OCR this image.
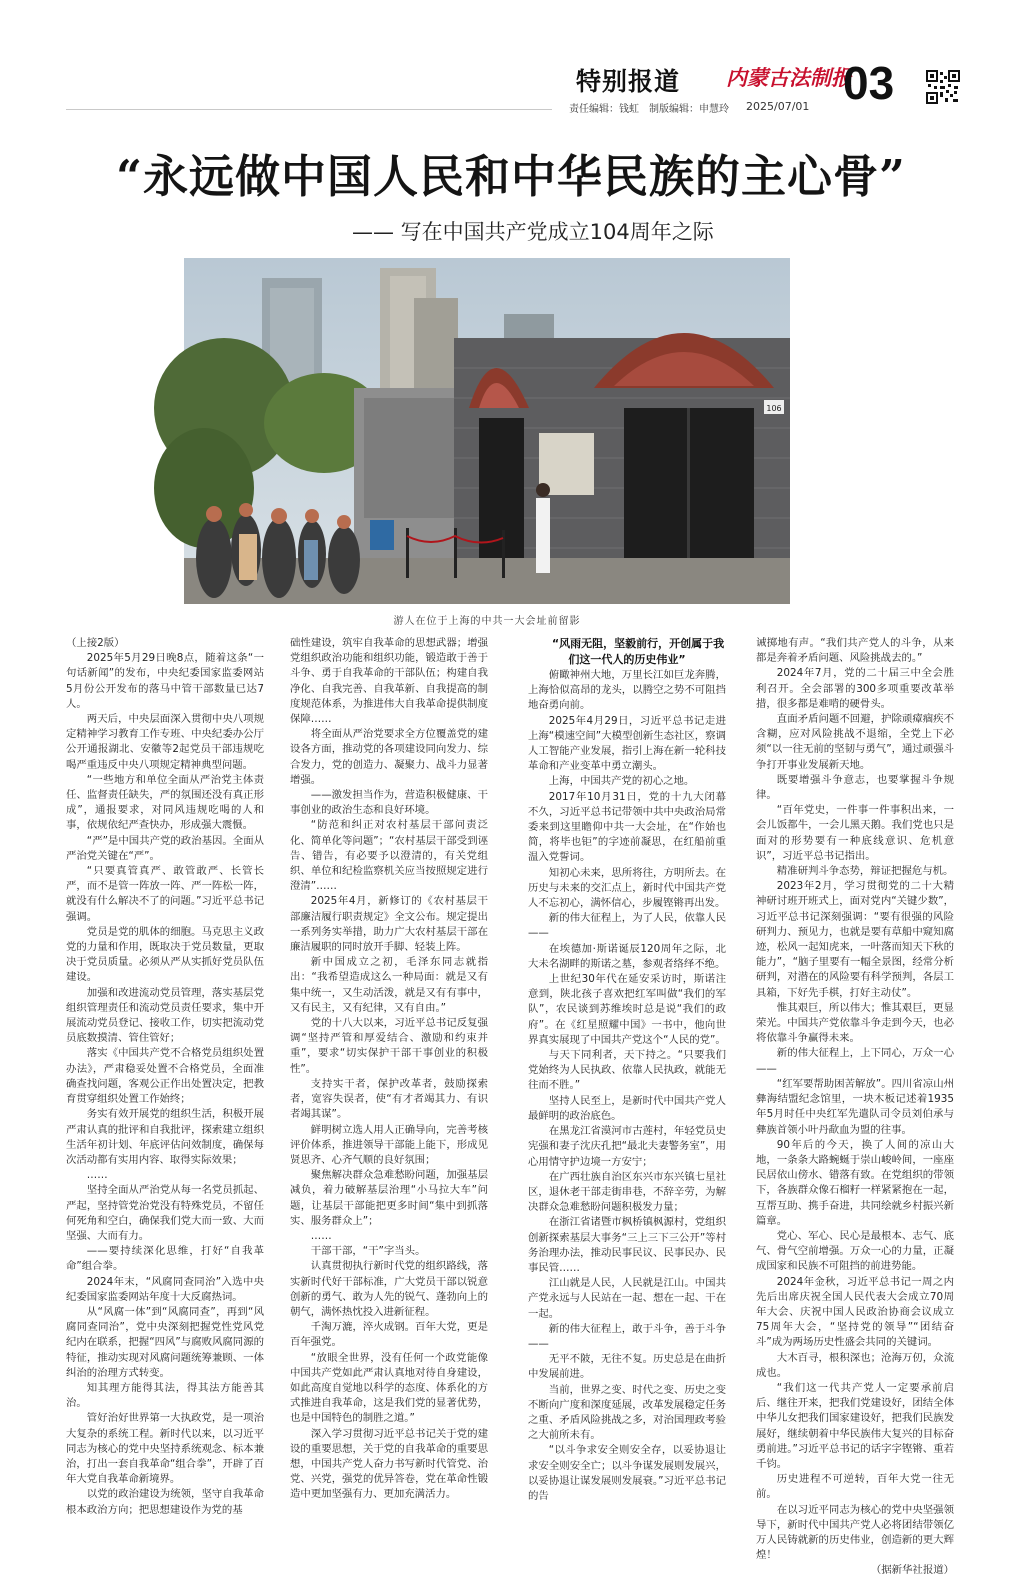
特别报道 内蒙古法制报
03
责任编辑：钱虹　制版编辑：申慧玲 2025/07/01
“永远做中国人民和中华民族的主心骨”
—— 写在中国共产党成立104周年之际
106
游人在位于上海的中共一大会址前留影

（上接2版）

2025年5月29日晚8点，随着这条“一句话新闻”的发布，中央纪委国家监委网站5月份公开发布的落马中管干部数量已达7人。

两天后，中央层面深入贯彻中央八项规定精神学习教育工作专班、中央纪委办公厅公开通报湖北、安徽等2起党员干部违规吃喝严重违反中央八项规定精神典型问题。

“一些地方和单位全面从严治党主体责任、监督责任缺失，严的氛围还没有真正形成”，通报要求，对同风违规吃喝的人和事，依规依纪严查快办，形成强大震慑。

“严”是中国共产党的政治基因。全面从严治党关键在“严”。

“只要真管真严、敢管敢严、长管长严，而不是管一阵放一阵、严一阵松一阵，就没有什么解决不了的问题。”习近平总书记强调。

党员是党的肌体的细胞。马克思主义政党的力量和作用，既取决于党员数量，更取决于党员质量。必须从严从实抓好党员队伍建设。

加强和改进流动党员管理，落实基层党组织管理责任和流动党员责任要求，集中开展流动党员登记、接收工作，切实把流动党员底数摸清、管住管好；

落实《中国共产党不合格党员组织处置办法》，严肃稳妥处置不合格党员，全面准确查找问题，客观公正作出处置决定，把教育贯穿组织处置工作始终；

务实有效开展党的组织生活，积极开展严肃认真的批评和自我批评，探索建立组织生活年初计划、年底评估问效制度，确保每次活动都有实用内容、取得实际效果；

……

坚持全面从严治党从每一名党员抓起、严起，坚持管党治党没有特殊党员，不留任何死角和空白，确保我们党大而一致、大而坚强、大而有力。

——要持续深化思维，打好“自我革命”组合拳。

2024年末，“风腐同查同治”入选中央纪委国家监委网站年度十大反腐热词。

从“风腐一体”到“风腐同查”，再到“风腐同查同治”，党中央深刻把握党性党风党纪内在联系，把握“四风”与腐败风腐同源的特征，推动实现对风腐问题统筹兼顾、一体纠治的治理方式转变。

知其理方能得其法，得其法方能善其治。

管好治好世界第一大执政党，是一项治大复杂的系统工程。新时代以来，以习近平同志为核心的党中央坚持系统观念、标本兼治，打出一套自我革命“组合拳”，开辟了百年大党自我革命新境界。

以党的政治建设为统领，坚守自我革命根本政治方向；把思想建设作为党的基

础性建设，筑牢自我革命的思想武器；增强党组织政治功能和组织功能，锻造敢于善于斗争、勇于自我革命的干部队伍；构建自我净化、自我完善、自我革新、自我提高的制度规范体系，为推进伟大自我革命提供制度保障……

将全面从严治党要求全方位覆盖党的建设各方面，推动党的各项建设同向发力、综合发力，党的创造力、凝聚力、战斗力显著增强。

——激发担当作为，营造积极健康、干事创业的政治生态和良好环境。

“防范和纠正对农村基层干部问责泛化、简单化等问题”；“农村基层干部受到诬告、错告，有必要予以澄清的，有关党组织、单位和纪检监察机关应当按照规定进行澄清”……

2025年4月，新修订的《农村基层干部廉洁履行职责规定》全文公布。规定提出一系列务实举措，助力广大农村基层干部在廉洁履职的同时放开手脚、轻装上阵。

新中国成立之初，毛泽东同志就指出：“我希望造成这么一种局面：就是又有集中统一，又生动活泼，就是又有有事中，又有民主，又有纪律，又有自由。”

党的十八大以来，习近平总书记反复强调“坚持严管和厚爱结合、激励和约束并重”，要求“切实保护干部干事创业的积极性”。

支持实干者，保护改革者，鼓励探索者，宽容失误者，使“有才者竭其力、有识者竭其谋”。

鲜明树立选人用人正确导向，完善考核评价体系，推进领导干部能上能下，形成见贤思齐、心齐气顺的良好氛围；

聚焦解决群众急难愁盼问题，加强基层减负，着力破解基层治理“小马拉大车”问题，让基层干部能把更多时间“集中到抓落实、服务群众上”；

……

干部干部，“干”字当头。

认真贯彻执行新时代党的组织路线，落实新时代好干部标准，广大党员干部以锐意创新的勇气、敢为人先的锐气、蓬勃向上的朝气，满怀热忱投入进新征程。

千淘万漉，淬火成钢。百年大党，更是百年强党。

“放眼全世界，没有任何一个政党能像中国共产党如此严肃认真地对待自身建设，如此高度自觉地以科学的态度、体系化的方式推进自我革命，这是我们党的显著优势，也是中国特色的制胜之道。”

深入学习贯彻习近平总书记关于党的建设的重要思想，关于党的自我革命的重要思想，中国共产党人奋力书写新时代管党、治党、兴党，强党的优异答卷，党在革命性锻造中更加坚强有力、更加充满活力。

“风雨无阻，坚毅前行，开创属于我们这一代人的历史伟业”

俯瞰神州大地，万里长江如巨龙奔腾，上海恰似高昂的龙头，以腾空之势不可阻挡地奋勇向前。

2025年4月29日，习近平总书记走进上海“模速空间”大模型创新生态社区，察调人工智能产业发展，指引上海在新一轮科技革命和产业变革中勇立潮头。

上海，中国共产党的初心之地。

2017年10月31日，党的十九大闭幕不久，习近平总书记带领中共中央政治局常委来到这里瞻仰中共一大会址，在“作始也简，将毕也钜”的字迹前凝思，在红船前重温入党誓词。

知初心未来，思所将往，方明所去。在历史与未来的交汇点上，新时代中国共产党人不忘初心，满怀信心，步履铿锵再出发。

新的伟大征程上，为了人民，依靠人民——

在埃德加·斯诺诞辰120周年之际，北大未名湖畔的斯诺之墓，参观者络绎不绝。

上世纪30年代在延安采访时，斯诺注意到，陕北孩子喜欢把红军叫做“我们的军队”，农民谈到苏维埃时总是说“我们的政府”。在《红星照耀中国》一书中，他向世界真实展现了中国共产党这个“人民的党”。

与天下同利者，天下持之。“只要我们党始终为人民执政、依靠人民执政，就能无往而不胜。”

坚持人民至上，是新时代中国共产党人最鲜明的政治底色。

在黑龙江省漠河市古莲村，年轻党员史宪强和妻子沈庆孔把“最北夫妻警务室”，用心用情守护边境一方安宁；

在广西壮族自治区东兴市东兴镇七星社区，退休老干部走街串巷，不辞辛劳，为解决群众急难愁盼问题积极发力量；

在浙江省诸暨市枫桥镇枫源村，党组织创新探索基层大事务“三上三下三公开”等村务治理办法，推动民事民议、民事民办、民事民管……

江山就是人民，人民就是江山。中国共产党永远与人民站在一起、想在一起、干在一起。

新的伟大征程上，敢于斗争，善于斗争——

无平不陂，无往不复。历史总是在曲折中发展前进。

当前，世界之变、时代之变、历史之变不断向广度和深度延展，改革发展稳定任务之重、矛盾风险挑战之多，对治国理政考验之大前所未有。

“以斗争求安全则安全存，以妥协退让求安全则安全亡；以斗争谋发展则发展兴，以妥协退让谋发展则发展衰。”习近平总书记的告

诫掷地有声。“我们共产党人的斗争，从来都是奔着矛盾问题、风险挑战去的。”

2024年7月，党的二十届三中全会胜利召开。全会部署的300多项重要改革举措，很多都是难啃的硬骨头。

直面矛盾问题不回避，护除顽瘴痼疾不含糊，应对风险挑战不退缩，全党上下必须“以一往无前的坚韧与勇气”，通过顽强斗争打开事业发展新天地。

既要增强斗争意志，也要掌握斗争规律。

“百年党史，一件事一件事积出来，一会儿饭都牛，一会儿黑天鹅。我们党也只是面对的形势要有一种底线意识、危机意识”，习近平总书记指出。

精准研判斗争态势，辩证把握危与机。

2023年2月，学习贯彻党的二十大精神研讨班开班式上，面对党内“关键少数”，习近平总书记深刻强调：“要有很强的风险研判力、预见力，也就是要有草船中窥知腐迹，松风一起知虎来，一叶落而知天下秋的能力”，“脑子里要有一幅全景图，经常分析研判，对潜在的风险要有科学预判，各层工具箱，下好先手棋，打好主动仗”。

惟其艰巨，所以伟大；惟其艰巨，更显荣光。中国共产党依靠斗争走到今天，也必将依靠斗争赢得未来。

新的伟大征程上，上下同心，万众一心——

“红军要帮助困苦解放”。四川省凉山州彝海结盟纪念馆里，一块木板记述着1935年5月时任中央红军先遣队司令员刘伯承与彝族首领小叶丹歃血为盟的往事。

90年后的今天，换了人间的凉山大地，一条条大路蜿蜒于崇山峻岭间，一座座民居依山傍水、错落有致。在党组织的带领下，各族群众像石榴籽一样紧紧抱在一起，互帮互助、携手奋进，共同绘就乡村振兴新篇章。

党心、军心、民心是最根本、志气、底气、骨气空前增强。万众一心的力量，正凝成国家和民族不可阻挡的前进势能。

2024年金秋，习近平总书记一周之内先后出席庆祝全国人民代表大会成立70周年大会、庆祝中国人民政治协商会议成立75周年大会，“坚持党的领导”“团结奋斗”成为两场历史性盛会共同的关键词。

大木百寻，根积深也；沧海万仞，众流成也。

“我们这一代共产党人一定要承前启后、继往开来，把我们党建设好，团结全体中华儿女把我们国家建设好，把我们民族发展好，继续朝着中华民族伟大复兴的目标奋勇前进。”习近平总书记的话字字铿锵、重若千钧。

历史进程不可逆转，百年大党一往无前。

在以习近平同志为核心的党中央坚强领导下，新时代中国共产党人必将团结带领亿万人民铸就新的历史伟业，创造新的更大辉煌！

（据新华社报道）
